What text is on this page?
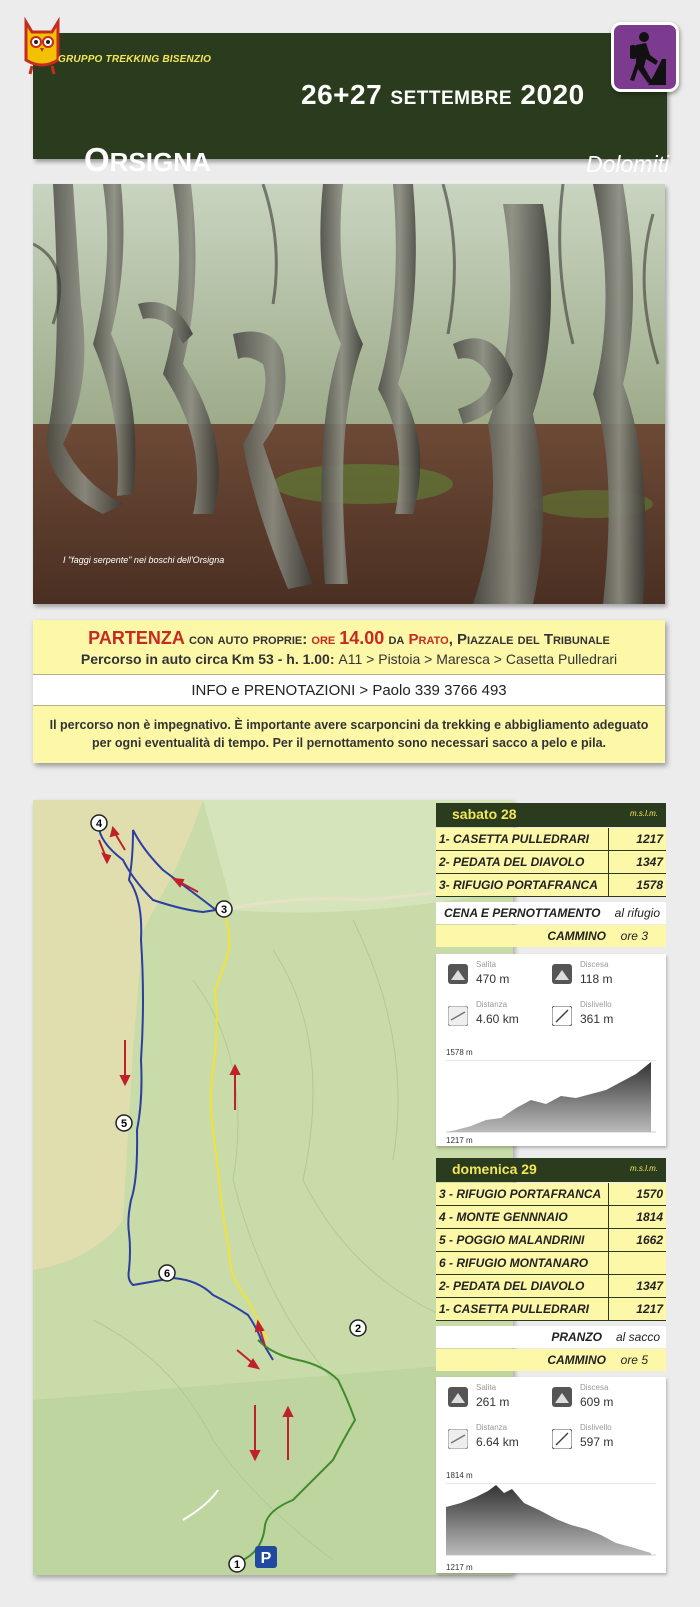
26+27 SETTEMBRE 2020
ORSIGNA	Dolomiti
GRUPPO TREKKING BISENZIO
I "faggi serpente" nei boschi dell'Orsigna
PARTENZA con auto proprie: ore 14.00 da Prato, Piazzale del Tribunale
Percorso in auto circa Km 53 - h. 1.00: A11 > Pistoia > Maresca > Casetta Pulledrari
INFO e PRENOTAZIONI > Paolo 339 3766 493
Il percorso non è impegnativo. È importante avere scarponcini da trekking e abbigliamento adeguato per ogni eventualità di tempo. Per il pernottamento sono necessari sacco a pelo e pila.
4
3
5
6
2
1 P
sabato 28	m.s.l.m.
1- CASETTA PULLEDRARI	1217
2- PEDATA DEL DIAVOLO	1347
3- RIFUGIO PORTAFRANCA	1578
CENA E PERNOTTAMENTO al rifugio
CAMMINO ore 3
Salita
470 m
Discesa
118 m
Distanza
4.60 km
Dislivello
361 m
1578 m
1217 m
domenica 29	m.s.l.m.
3 - RIFUGIO PORTAFRANCA	1570
4 - MONTE GENNNAIO	1814
5 - POGGIO MALANDRINI	1662
6 - RIFUGIO MONTANARO
2- PEDATA DEL DIAVOLO	1347
1- CASETTA PULLEDRARI	1217
PRANZO al sacco
CAMMINO ore 5
Salita
261 m
Discesa
609 m
Distanza
6.64 km
Dislivello
597 m
1814 m
1217 m
